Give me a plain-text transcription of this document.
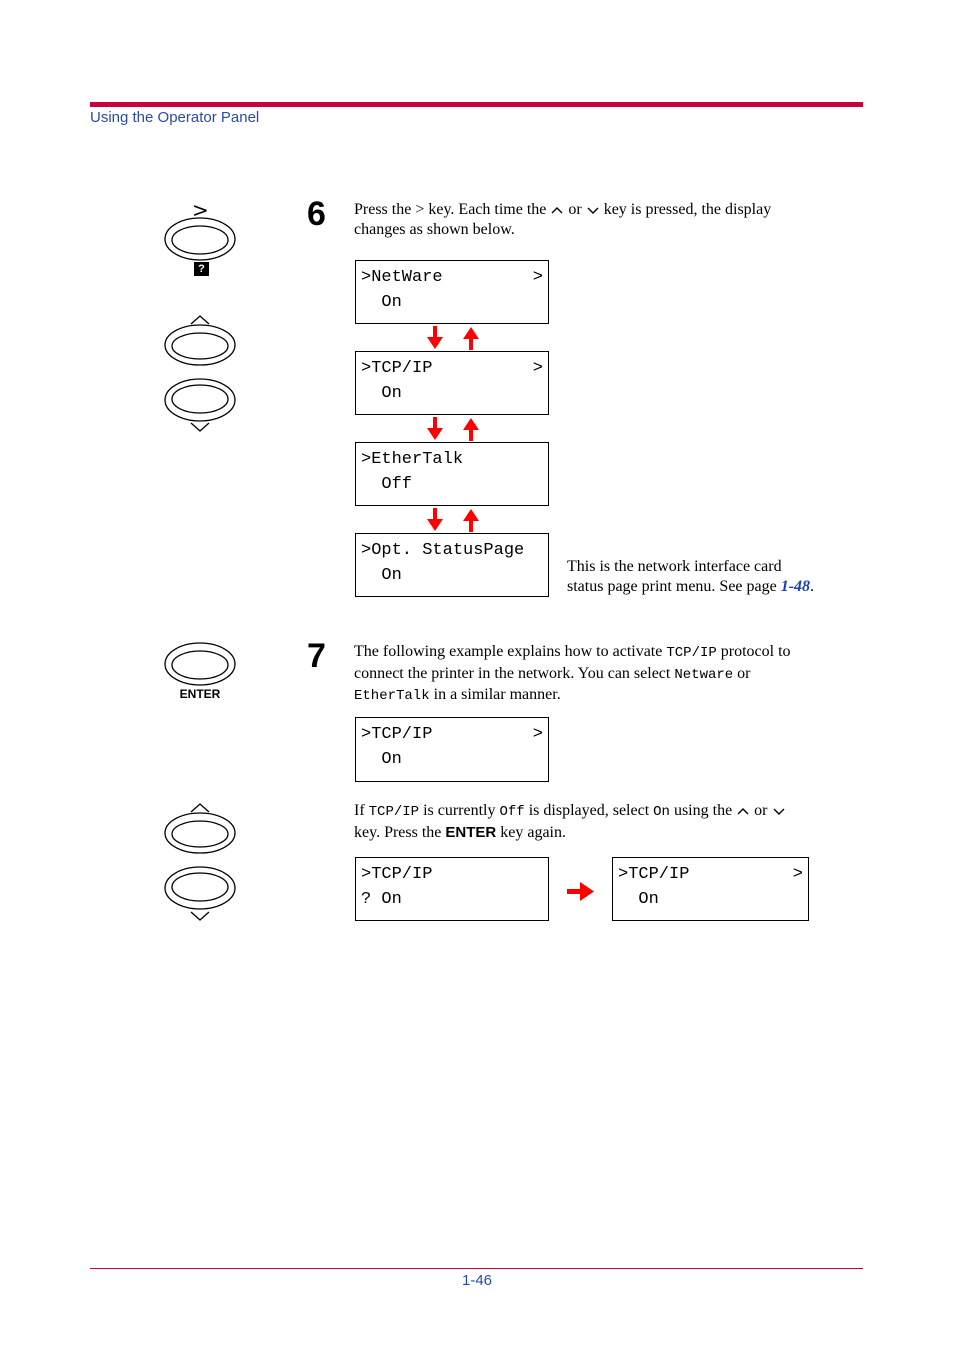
Using the Operator Panel
>
?
6 Press the > key. Each time the or key is pressed, the display
changes as shown below.
>NetWare	>
On
>TCP/IP	>
On
>EtherTalk
Off
>Opt. StatusPage
On	This is the network interface card
status page print menu. See page 1-48.
ENTER
7 The following example explains how to activate TCP/IP protocol to
connect the printer in the network. You can select Netware or
EtherTalk in a similar manner.
>TCP/IP	>
On
If TCP/IP is currently Off is displayed, select On using the or
key. Press the ENTER key again.
>TCP/IP
? On
>TCP/IP	>
On
1-46
